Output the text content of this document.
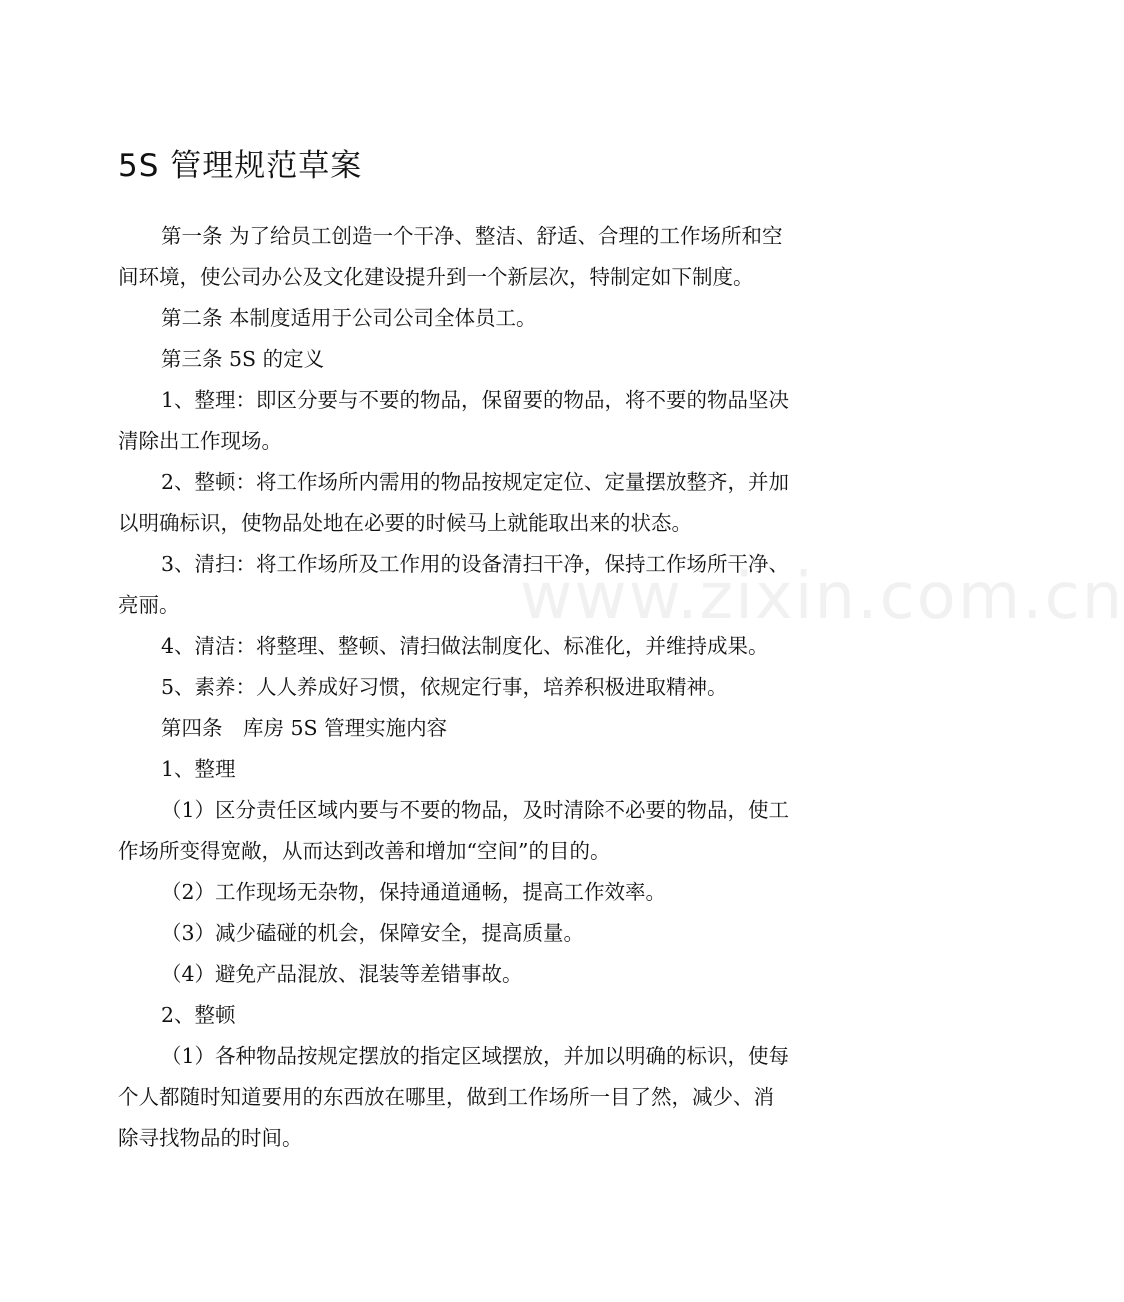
5S 管理规范草案
www.zixin.com.cn

第一条 为了给员工创造一个干净、整洁、舒适、合理的工作场所和空

间环境，使公司办公及文化建设提升到一个新层次，特制定如下制度。

第二条 本制度适用于公司公司全体员工。

第三条 5S 的定义

1、整理：即区分要与不要的物品，保留要的物品，将不要的物品坚决

清除出工作现场。

2、整顿：将工作场所内需用的物品按规定定位、定量摆放整齐，并加

以明确标识，使物品处地在必要的时候马上就能取出来的状态。

3、清扫：将工作场所及工作用的设备清扫干净，保持工作场所干净、

亮丽。

4、清洁：将整理、整顿、清扫做法制度化、标准化，并维持成果。

5、素养：人人养成好习惯，依规定行事，培养积极进取精神。

第四条　库房 5S 管理实施内容

1、整理

（1）区分责任区域内要与不要的物品，及时清除不必要的物品，使工

作场所变得宽敞，从而达到改善和增加“空间”的目的。

（2）工作现场无杂物，保持通道通畅，提高工作效率。

（3）减少磕碰的机会，保障安全，提高质量。

（4）避免产品混放、混装等差错事故。

2、整顿

（1）各种物品按规定摆放的指定区域摆放，并加以明确的标识，使每

个人都随时知道要用的东西放在哪里，做到工作场所一目了然，减少、消

除寻找物品的时间。
